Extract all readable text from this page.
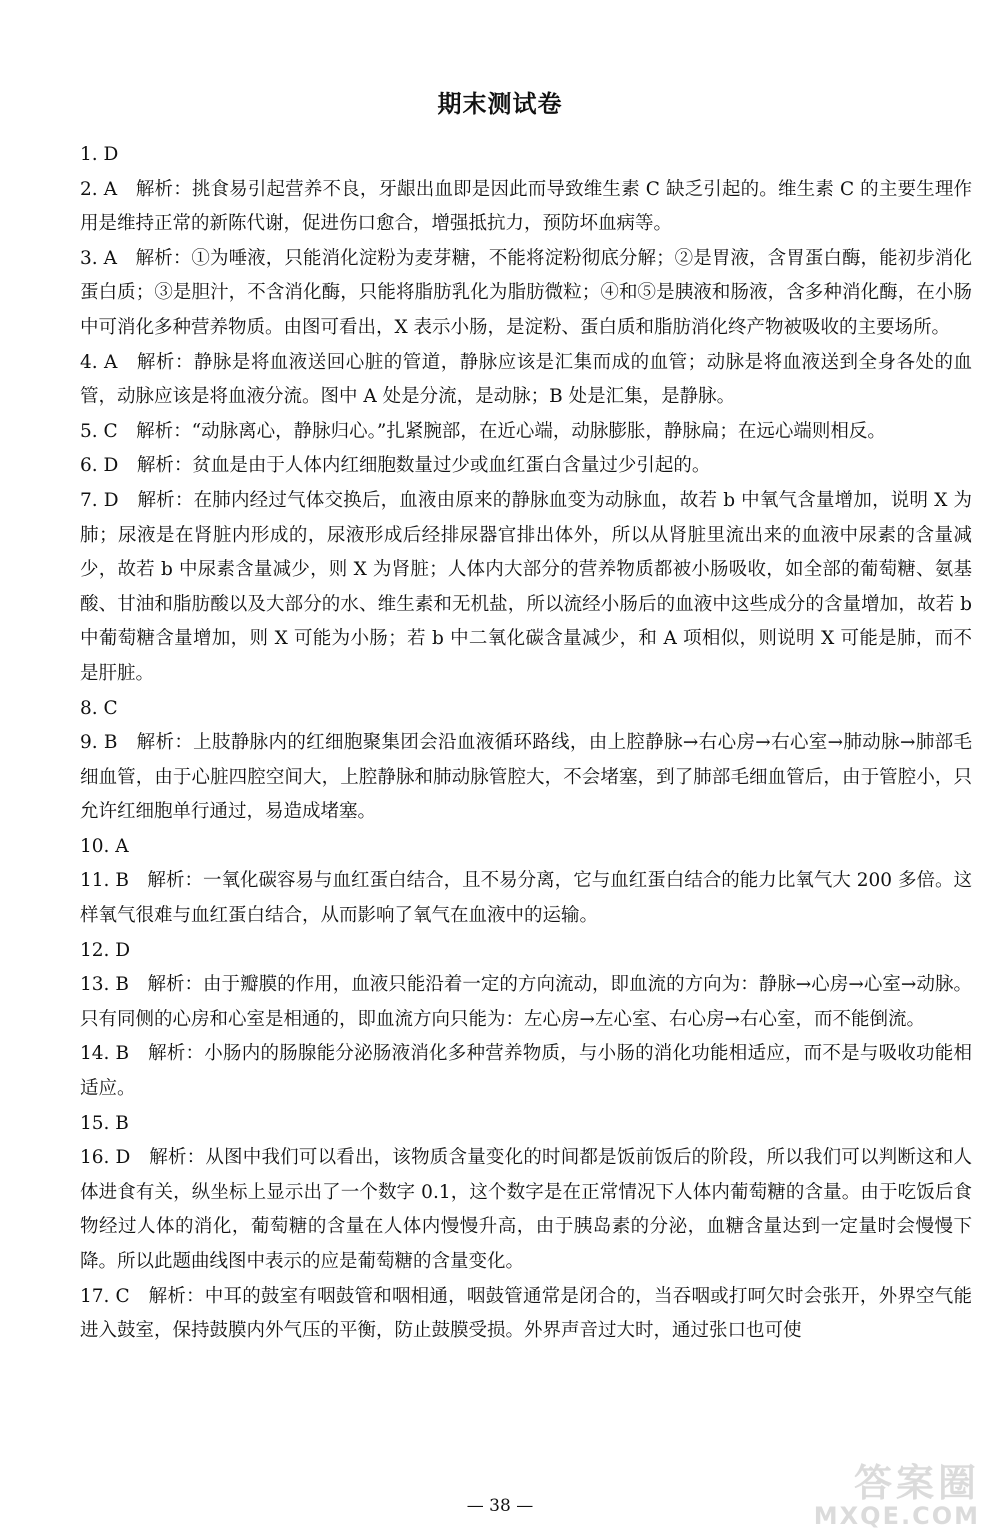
期末测试卷

1. D

2. A　解析：挑食易引起营养不良，牙龈出血即是因此而导致维生素 C 缺乏引起的。维生素 C 的主要生理作用是维持正常的新陈代谢，促进伤口愈合，增强抵抗力，预防坏血病等。

3. A　解析：①为唾液，只能消化淀粉为麦芽糖，不能将淀粉彻底分解；②是胃液，含胃蛋白酶，能初步消化蛋白质；③是胆汁，不含消化酶，只能将脂肪乳化为脂肪微粒；④和⑤是胰液和肠液，含多种消化酶，在小肠中可消化多种营养物质。由图可看出，X 表示小肠，是淀粉、蛋白质和脂肪消化终产物被吸收的主要场所。

4. A　解析：静脉是将血液送回心脏的管道，静脉应该是汇集而成的血管；动脉是将血液送到全身各处的血管，动脉应该是将血液分流。图中 A 处是分流，是动脉；B 处是汇集，是静脉。

5. C　解析：“动脉离心，静脉归心。”扎紧腕部，在近心端，动脉膨胀，静脉扁；在远心端则相反。

6. D　解析：贫血是由于人体内红细胞数量过少或血红蛋白含量过少引起的。

7. D　解析：在肺内经过气体交换后，血液由原来的静脉血变为动脉血，故若 b 中氧气含量增加，说明 X 为肺；尿液是在肾脏内形成的，尿液形成后经排尿器官排出体外，所以从肾脏里流出来的血液中尿素的含量减少，故若 b 中尿素含量减少，则 X 为肾脏；人体内大部分的营养物质都被小肠吸收，如全部的葡萄糖、氨基酸、甘油和脂肪酸以及大部分的水、维生素和无机盐，所以流经小肠后的血液中这些成分的含量增加，故若 b 中葡萄糖含量增加，则 X 可能为小肠；若 b 中二氧化碳含量减少，和 A 项相似，则说明 X 可能是肺，而不是肝脏。

8. C

9. B　解析：上肢静脉内的红细胞聚集团会沿血液循环路线，由上腔静脉→右心房→右心室→肺动脉→肺部毛细血管，由于心脏四腔空间大，上腔静脉和肺动脉管腔大，不会堵塞，到了肺部毛细血管后，由于管腔小，只允许红细胞单行通过，易造成堵塞。

10. A

11. B　解析：一氧化碳容易与血红蛋白结合，且不易分离，它与血红蛋白结合的能力比氧气大 200 多倍。这样氧气很难与血红蛋白结合，从而影响了氧气在血液中的运输。

12. D

13. B　解析：由于瓣膜的作用，血液只能沿着一定的方向流动，即血流的方向为：静脉→心房→心室→动脉。只有同侧的心房和心室是相通的，即血流方向只能为：左心房→左心室、右心房→右心室，而不能倒流。

14. B　解析：小肠内的肠腺能分泌肠液消化多种营养物质，与小肠的消化功能相适应，而不是与吸收功能相适应。

15. B

16. D　解析：从图中我们可以看出，该物质含量变化的时间都是饭前饭后的阶段，所以我们可以判断这和人体进食有关，纵坐标上显示出了一个数字 0.1，这个数字是在正常情况下人体内葡萄糖的含量。由于吃饭后食物经过人体的消化，葡萄糖的含量在人体内慢慢升高，由于胰岛素的分泌，血糖含量达到一定量时会慢慢下降。所以此题曲线图中表示的应是葡萄糖的含量变化。

17. C　解析：中耳的鼓室有咽鼓管和咽相通，咽鼓管通常是闭合的，当吞咽或打呵欠时会张开，外界空气能进入鼓室，保持鼓膜内外气压的平衡，防止鼓膜受损。外界声音过大时，通过张口也可使

— 38 —
答案圈
MXQE.COM
